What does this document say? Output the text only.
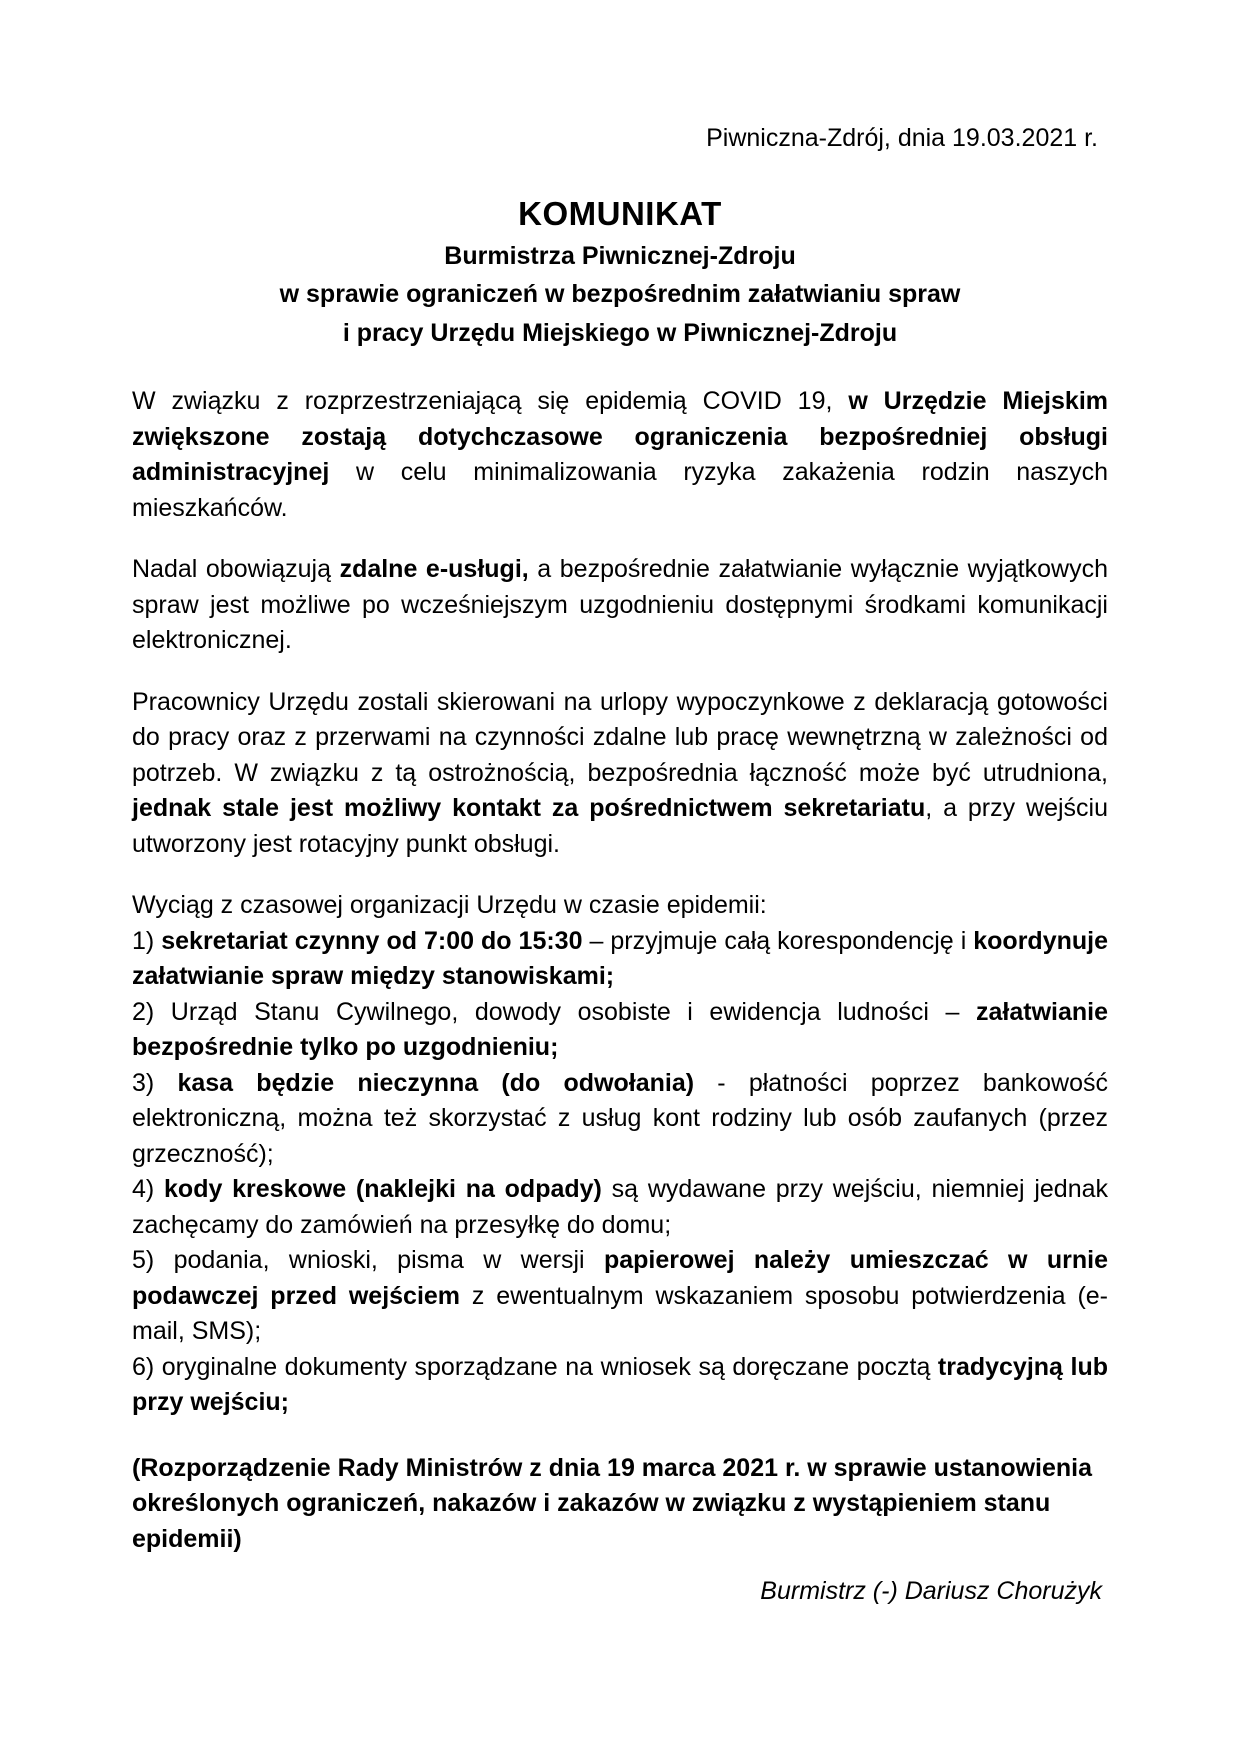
Piwniczna-Zdrój, dnia 19.03.2021 r.
KOMUNIKAT
Burmistrza Piwnicznej-Zdroju
w sprawie ograniczeń w bezpośrednim załatwianiu spraw
i pracy Urzędu Miejskiego w Piwnicznej-Zdroju

W związku z rozprzestrzeniającą się epidemią COVID 19, w Urzędzie Miejskim zwiększone zostają dotychczasowe ograniczenia bezpośredniej obsługi administracyjnej w celu minimalizowania ryzyka zakażenia rodzin naszych mieszkańców.

Nadal obowiązują zdalne e-usługi, a bezpośrednie załatwianie wyłącznie wyjątkowych spraw jest możliwe po wcześniejszym uzgodnieniu dostępnymi środkami komunikacji elektronicznej.

Pracownicy Urzędu zostali skierowani na urlopy wypoczynkowe z deklaracją gotowości do pracy oraz z przerwami na czynności zdalne lub pracę wewnętrzną w zależności od potrzeb. W związku z tą ostrożnością, bezpośrednia łączność może być utrudniona, jednak stale jest możliwy kontakt za pośrednictwem sekretariatu, a przy wejściu utworzony jest rotacyjny punkt obsługi.

Wyciąg z czasowej organizacji Urzędu w czasie epidemii:

1) sekretariat czynny od 7:00 do 15:30 – przyjmuje całą korespondencję i koordynuje załatwianie spraw między stanowiskami;

2) Urząd Stanu Cywilnego, dowody osobiste i ewidencja ludności – załatwianie bezpośrednie tylko po uzgodnieniu;

3) kasa będzie nieczynna (do odwołania) - płatności poprzez bankowość elektroniczną, można też skorzystać z usług kont rodziny lub osób zaufanych (przez grzeczność);

4) kody kreskowe (naklejki na odpady) są wydawane przy wejściu, niemniej jednak zachęcamy do zamówień na przesyłkę do domu;

5) podania, wnioski, pisma w wersji papierowej należy umieszczać w urnie podawczej przed wejściem z ewentualnym wskazaniem sposobu potwierdzenia (e-mail, SMS);

6) oryginalne dokumenty sporządzane na wniosek są doręczane pocztą tradycyjną lub przy wejściu;

(Rozporządzenie Rady Ministrów z dnia 19 marca 2021 r. w sprawie ustanowienia określonych ograniczeń, nakazów i zakazów w związku z wystąpieniem stanu epidemii)
Burmistrz (-) Dariusz Chorużyk
